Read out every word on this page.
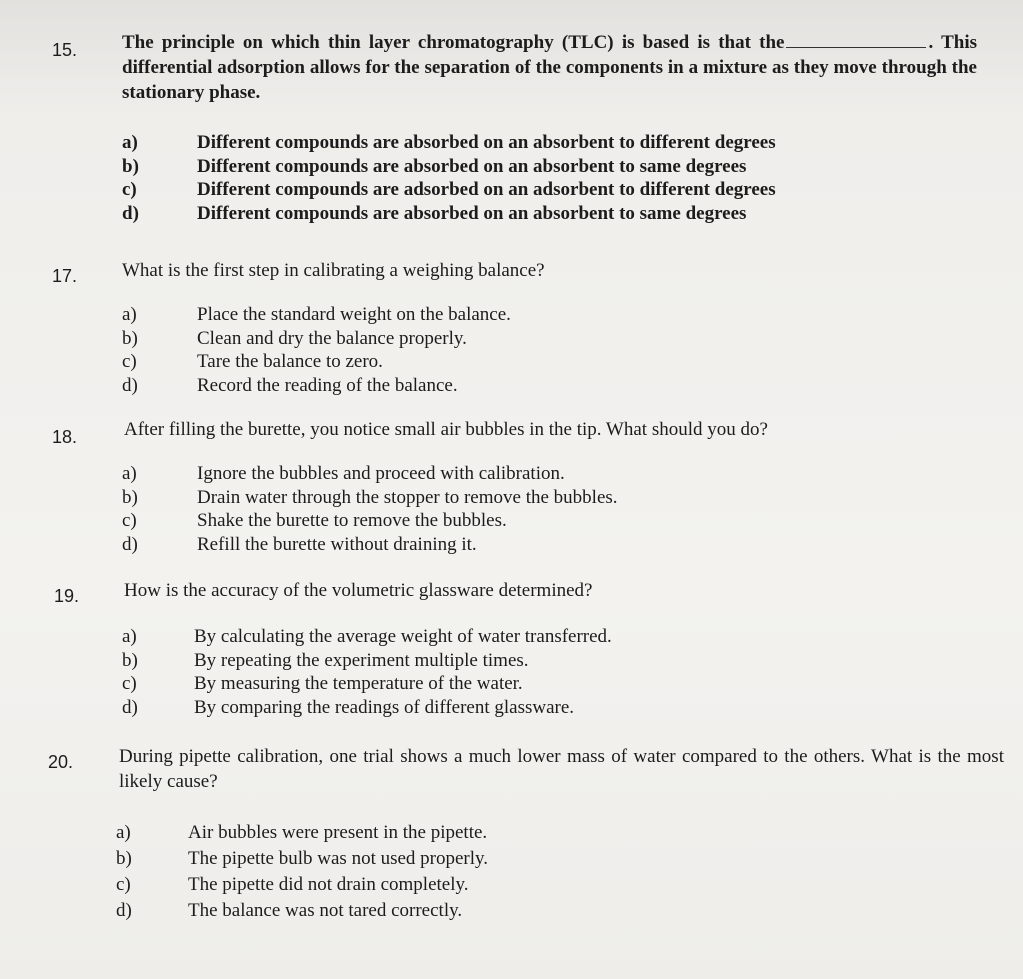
15. The principle on which thin layer chromatography (TLC) is based is that the	. This differential adsorption allows for the separation of the components in a mixture as they move through the stationary phase.
a)	Different compounds are absorbed on an absorbent to different degrees
b)	Different compounds are absorbed on an absorbent to same degrees
c)	Different compounds are adsorbed on an adsorbent to different degrees
d)	Different compounds are absorbed on an absorbent to same degrees
17. What is the first step in calibrating a weighing balance?
a)	Place the standard weight on the balance.
b)	Clean and dry the balance properly.
c)	Tare the balance to zero.
d)	Record the reading of the balance.
18. After filling the burette, you notice small air bubbles in the tip. What should you do?
a)	Ignore the bubbles and proceed with calibration.
b)	Drain water through the stopper to remove the bubbles.
c)	Shake the burette to remove the bubbles.
d)	Refill the burette without draining it.
19. How is the accuracy of the volumetric glassware determined?
a)	By calculating the average weight of water transferred.
b)	By repeating the experiment multiple times.
c)	By measuring the temperature of the water.
d)	By comparing the readings of different glassware.
20. During pipette calibration, one trial shows a much lower mass of water compared to the others. What is the most likely cause?
a)	Air bubbles were present in the pipette.
b)	The pipette bulb was not used properly.
c)	The pipette did not drain completely.
d)	The balance was not tared correctly.
